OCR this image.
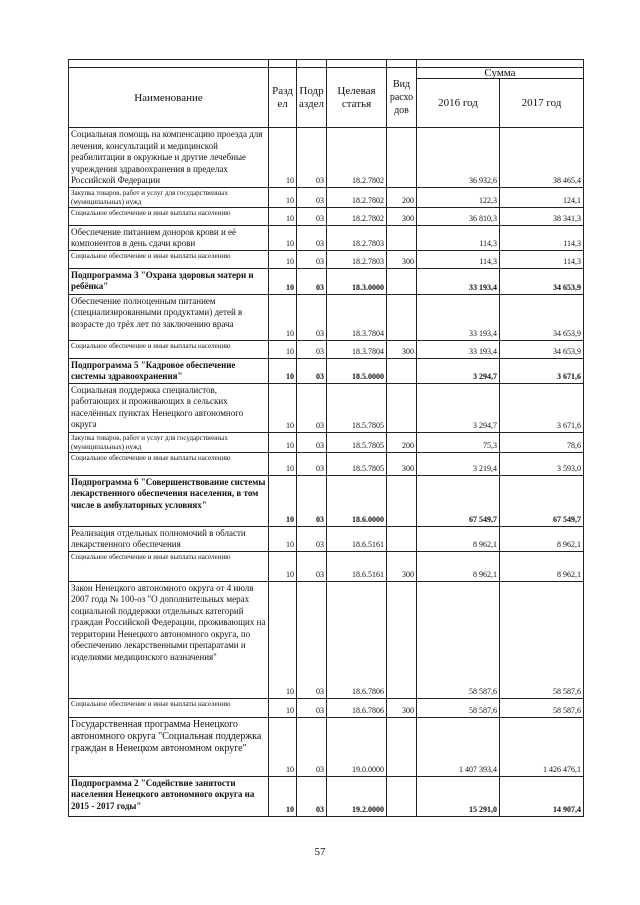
Наименование	Разд ел	Подр аздел	Целевая статья	Вид расхо дов	Сумма	
					2016 год	2017 год
Социальная помощь на компенсацию проезда для лечения, консультаций и медицинской реабилитации в окружные и другие лечебные учреждения здравоохранения в пределах Российской Федерации	10	03	18.2.7802		36 932,6	38 465,4
Закупка товаров, работ и услуг для государственных (муниципальных) нужд	10	03	18.2.7802	200	122,3	124,1
Социальное обеспечение и иные выплаты населению	10	03	18.2.7802	300	36 810,3	38 341,3
Обеспечение питанием доноров крови и её компонентов в день сдачи крови	10	03	18.2.7803		114,3	114,3
Социальное обеспечение и иные выплаты населению	10	03	18.2.7803	300	114,3	114,3
Подпрограмма 3 "Охрана здоровья матери и ребёнка"	10	03	18.3.0000		33 193,4	34 653,9
Обеспечение полноценным питанием (специализированными продуктами) детей в возрасте до трёх лет по заключению врача	10	03	18.3.7804		33 193,4	34 653,9
Социальное обеспечение и иные выплаты населению	10	03	18.3.7804	300	33 193,4	34 653,9
Подпрограмма 5 "Кадровое обеспечение системы здравоохранения"	10	03	18.5.0000		3 294,7	3 671,6
Социальная поддержка специалистов, работающих и проживающих в сельских населённых пунктах Ненецкого автономного округа	10	03	18.5.7805		3 294,7	3 671,6
Закупка товаров, работ и услуг для государственных (муниципальных) нужд	10	03	18.5.7805	200	75,3	78,6
Социальное обеспечение и иные выплаты населению	10	03	18.5.7805	300	3 219,4	3 593,0
Подпрограмма 6 "Совершенствование системы лекарственного обеспечения населения, в том числе в амбулаторных условиях"	10	03	18.6.0000		67 549,7	67 549,7
Реализация отдельных полномочий в области лекарственного обеспечения	10	03	18.6.5161		8 962,1	8 962,1
Социальное обеспечение и иные выплаты населению	10	03	18.6.5161	300	8 962,1	8 962,1
Закон Ненецкого автономного округа от 4 июля 2007 года № 100-оз "О дополнительных мерах социальной поддержки отдельных категорий граждан Российской Федерации, проживающих на территории Ненецкого автономного округа, по обеспечению лекарственными препаратами и изделиями медицинского назначения"	10	03	18.6.7806		58 587,6	58 587,6
Социальное обеспечение и иные выплаты населению	10	03	18.6.7806	300	58 587,6	58 587,6
Государственная программа Ненецкого автономного округа "Социальная поддержка граждан в Ненецком автономном округе"	10	03	19.0.0000		1 407 393,4	1 426 476,1
Подпрограмма 2 "Содействие занятости населения Ненецкого автономного округа на 2015 - 2017 годы"	10	03	19.2.0000		15 291,0	14 907,4
57
